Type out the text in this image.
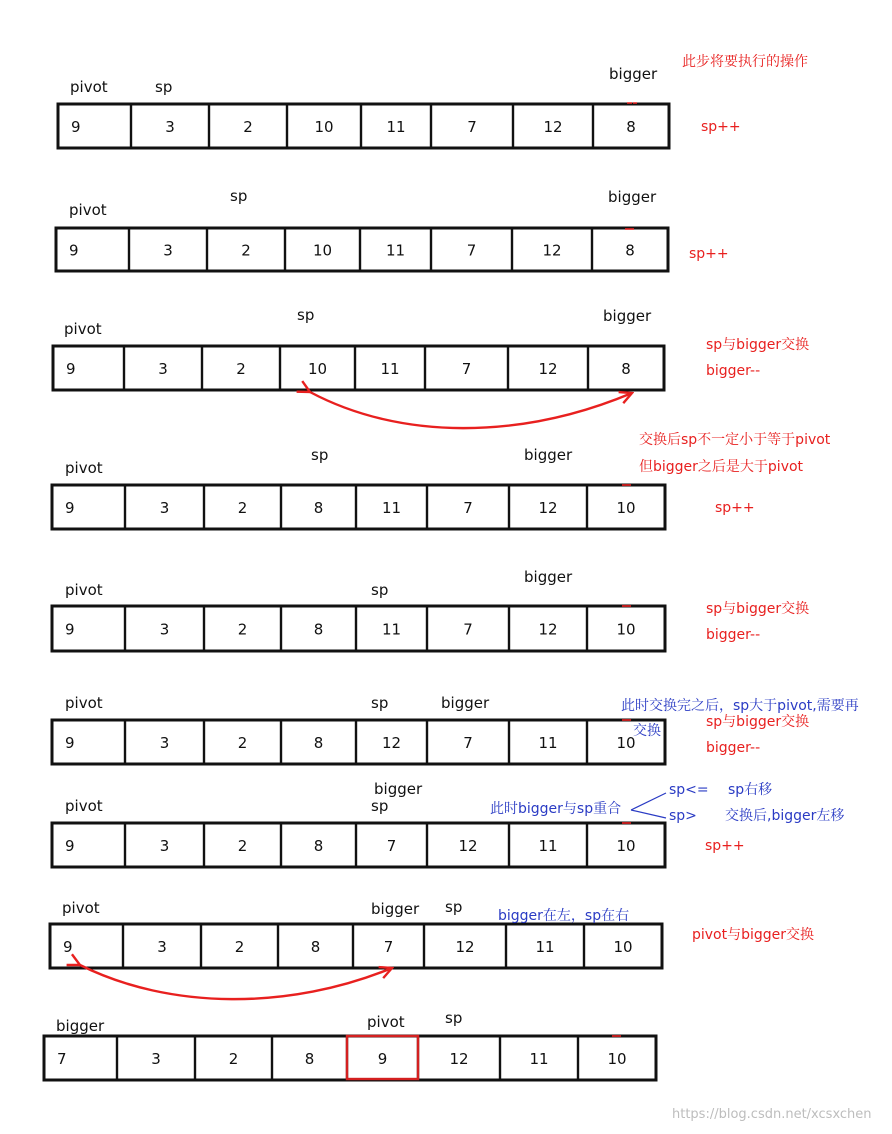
9	3	2	10	11	7	12	8
9	3	2	10	11	7	12	8
9	3	2	10	11	7	12	8
9	3	2	8	11	7	12	10
9	3	2	8	11	7	12	10
9	3	2	8	12	7	11	10
9	3	2	8	7	12	11	10
9	3	2	8	7	12	11	10
7	3	2	8	9	12	11	10
pivot	sp
bigger
pivot
sp	bigger
pivot
sp	bigger
pivot
sp	bigger
pivot	sp
bigger
pivot	sp	bigger
pivot
bigger
sp
pivot	bigger sp
bigger	pivot	sp
此步将要执行的操作
sp++
sp++
sp与bigger交换
bigger--
交换后sp不一定小于等于pivot
但bigger之后是大于pivot
sp++
sp与bigger交换
bigger--
sp与bigger交换
bigger--
sp++
pivot与bigger交换
此时交换完之后，sp大于pivot,需要再
交换
此时bigger与sp重合
sp<= sp右移
sp> 交换后,bigger左移
bigger在左，sp在右
https://blog.csdn.net/xcsxchen
